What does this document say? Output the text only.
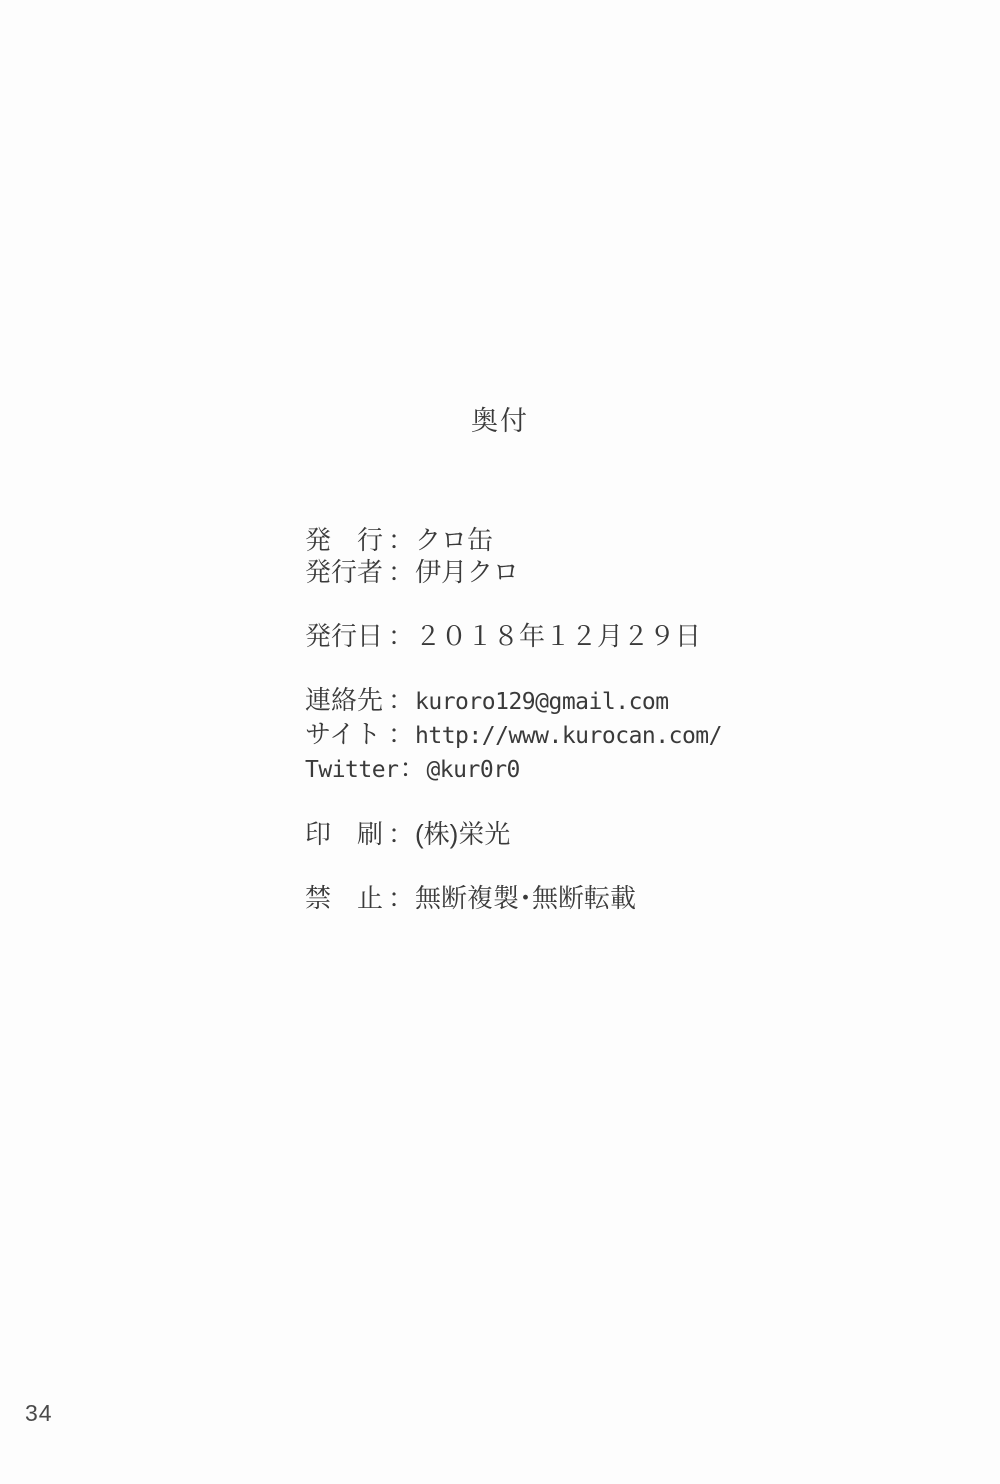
奥付
発　行 ：クロ缶
発行者 ：伊月クロ
発行日 ：２０１８年１２月２９日
連絡先 ：kuroro129@gmail.com
サイト ：http://www.kurocan.com/
Twitter：@kur0r0
印　刷 ：(株)栄光
禁　止 ：無断複製･無断転載
34
